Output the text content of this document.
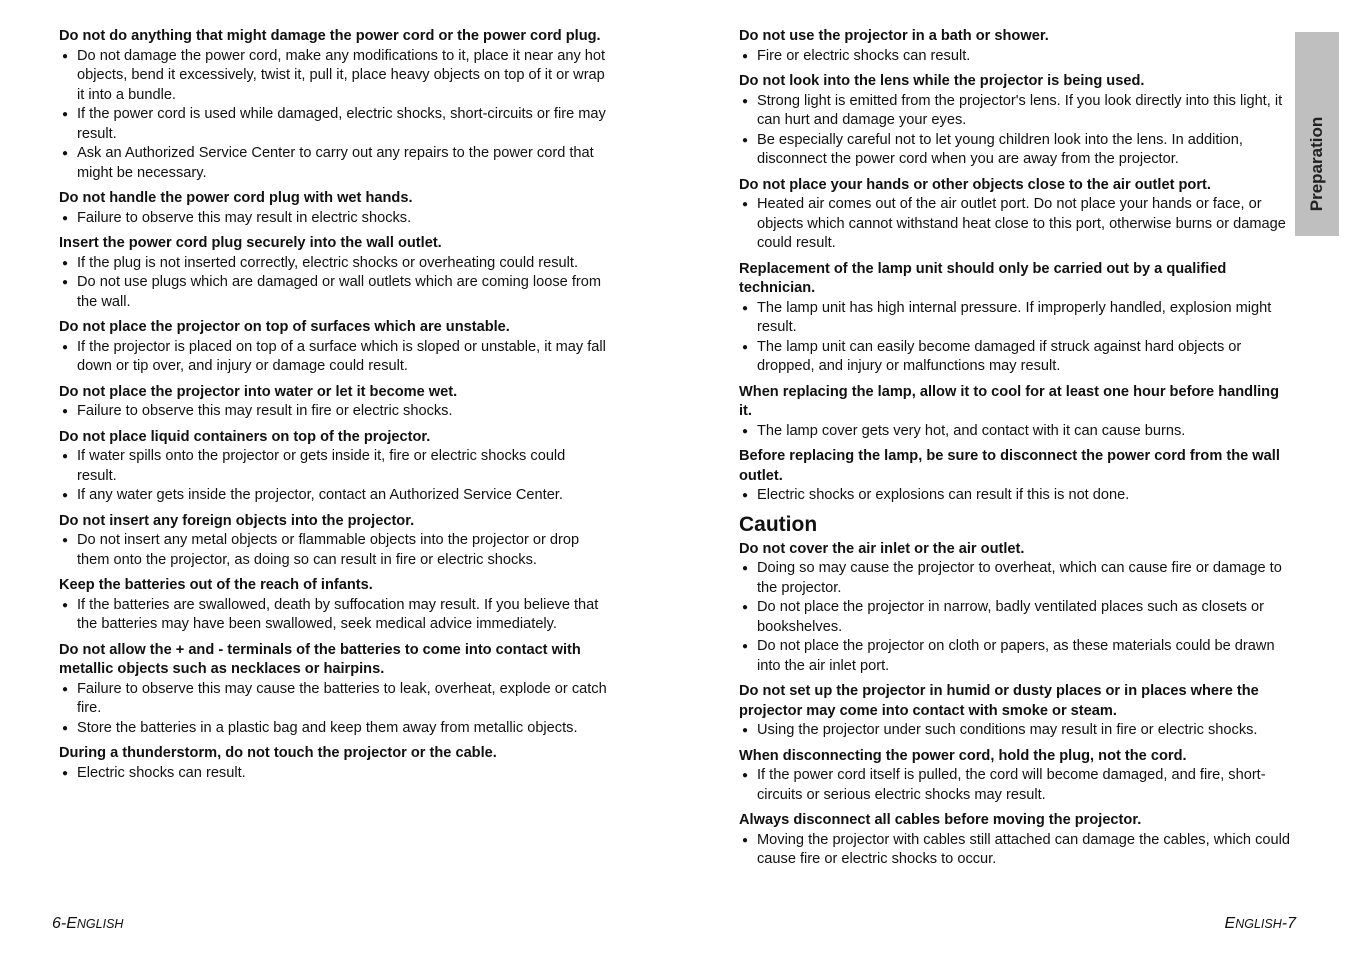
Do not do anything that might damage the power cord or the power cord plug.
● Do not damage the power cord, make any modifications to it, place it near any hot objects, bend it excessively, twist it, pull it, place heavy objects on top of it or wrap it into a bundle.
● If the power cord is used while damaged, electric shocks, short-circuits or fire may result.
● Ask an Authorized Service Center to carry out any repairs to the power cord that might be necessary.
Do not handle the power cord plug with wet hands.
● Failure to observe this may result in electric shocks.
Insert the power cord plug securely into the wall outlet.
● If the plug is not inserted correctly, electric shocks or overheating could result.
● Do not use plugs which are damaged or wall outlets which are coming loose from the wall.
Do not place the projector on top of surfaces which are unstable.
● If the projector is placed on top of a surface which is sloped or unstable, it may fall down or tip over, and injury or damage could result.
Do not place the projector into water or let it become wet.
● Failure to observe this may result in fire or electric shocks.
Do not place liquid containers on top of the projector.
● If water spills onto the projector or gets inside it, fire or electric shocks could result.
● If any water gets inside the projector, contact an Authorized Service Center.
Do not insert any foreign objects into the projector.
● Do not insert any metal objects or flammable objects into the projector or drop them onto the projector, as doing so can result in fire or electric shocks.
Keep the batteries out of the reach of infants.
● If the batteries are swallowed, death by suffocation may result. If you believe that the batteries may have been swallowed, seek medical advice immediately.
Do not allow the + and - terminals of the batteries to come into contact with metallic objects such as necklaces or hairpins.
● Failure to observe this may cause the batteries to leak, overheat, explode or catch fire.
● Store the batteries in a plastic bag and keep them away from metallic objects.
During a thunderstorm, do not touch the projector or the cable.
● Electric shocks can result.
Do not use the projector in a bath or shower.
● Fire or electric shocks can result.
Do not look into the lens while the projector is being used.
● Strong light is emitted from the projector's lens. If you look directly into this light, it can hurt and damage your eyes.
● Be especially careful not to let young children look into the lens. In addition, disconnect the power cord when you are away from the projector.
Do not place your hands or other objects close to the air outlet port.
● Heated air comes out of the air outlet port. Do not place your hands or face, or objects which cannot withstand heat close to this port, otherwise burns or damage could result.
Replacement of the lamp unit should only be carried out by a qualified technician.
● The lamp unit has high internal pressure. If improperly handled, explosion might result.
● The lamp unit can easily become damaged if struck against hard objects or dropped, and injury or malfunctions may result.
When replacing the lamp, allow it to cool for at least one hour before handling it.
● The lamp cover gets very hot, and contact with it can cause burns.
Before replacing the lamp, be sure to disconnect the power cord from the wall outlet.
● Electric shocks or explosions can result if this is not done.
Caution
Do not cover the air inlet or the air outlet.
● Doing so may cause the projector to overheat, which can cause fire or damage to the projector.
● Do not place the projector in narrow, badly ventilated places such as closets or bookshelves.
● Do not place the projector on cloth or papers, as these materials could be drawn into the air inlet port.
Do not set up the projector in humid or dusty places or in places where the projector may come into contact with smoke or steam.
● Using the projector under such conditions may result in fire or electric shocks.
When disconnecting the power cord, hold the plug, not the cord.
● If the power cord itself is pulled, the cord will become damaged, and fire, short-circuits or serious electric shocks may result.
Always disconnect all cables before moving the projector.
● Moving the projector with cables still attached can damage the cables, which could cause fire or electric shocks to occur.
Preparation
6-ENGLISH	ENGLISH-7
